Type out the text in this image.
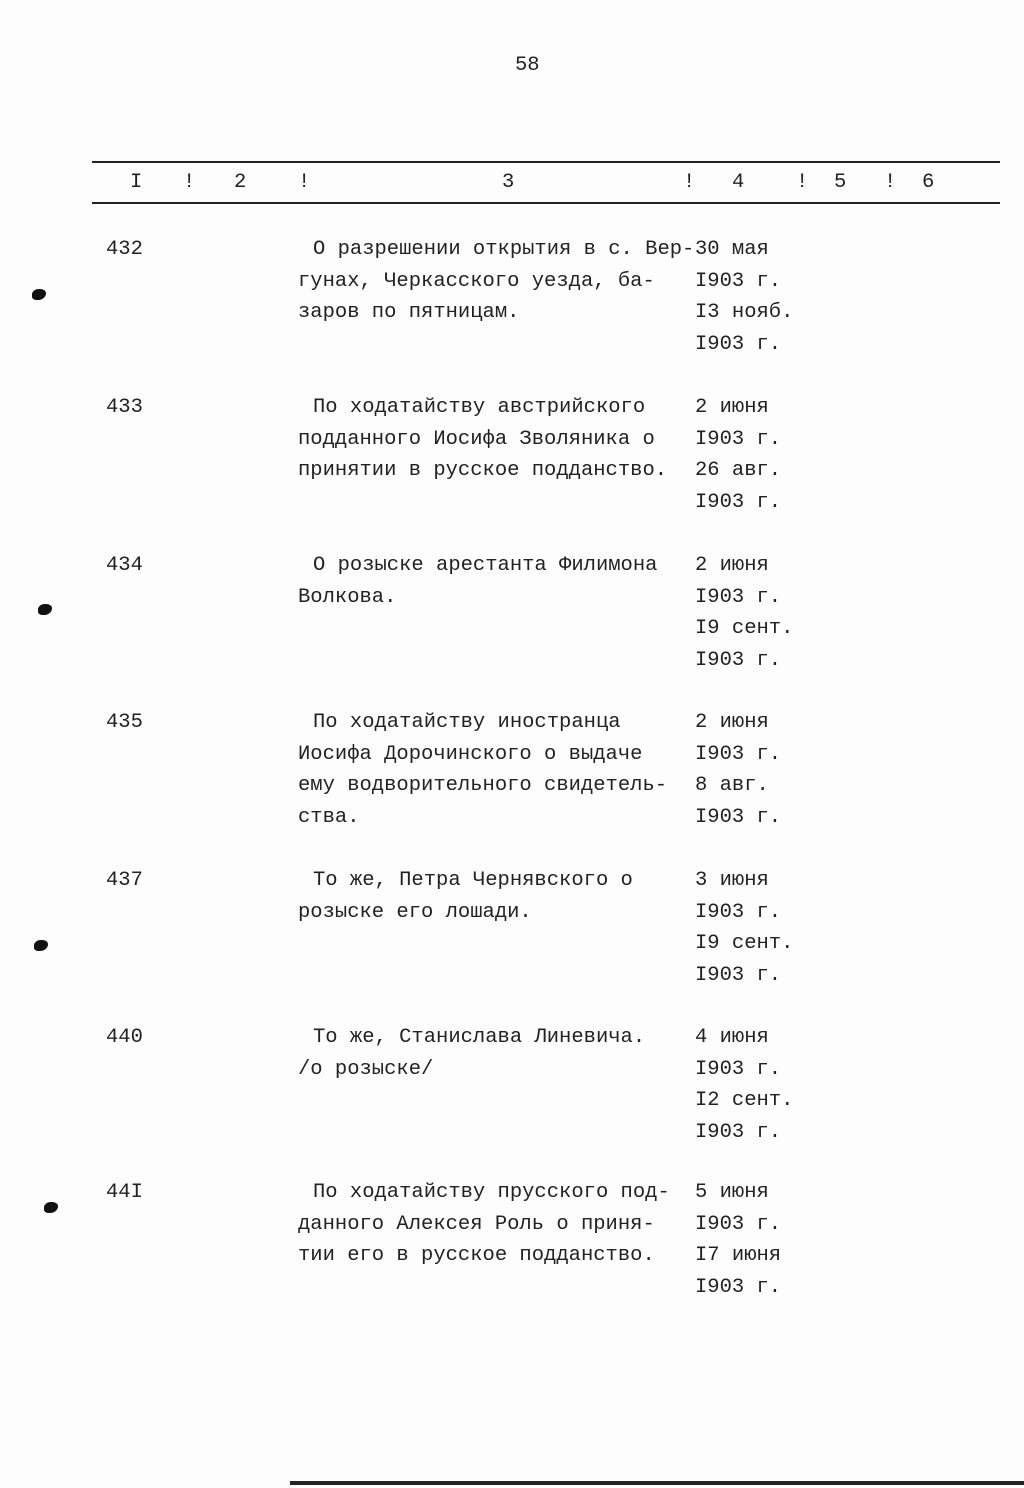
58
I ! 2	!	3	! 4	! 5 ! 6
432	О разрешении открытия в с. Вер-
гунах, Черкасского уезда, ба-
заров по пятницам.
30 мая
I903 г.
I3 нояб.
I903 г.
433	По ходатайству австрийского
подданного Иосифа Зволяника о
принятии в русское подданство.
2 июня
I903 г.
26 авг.
I903 г.
434	О розыске арестанта Филимона
Волкова.
2 июня
I903 г.
I9 сент.
I903 г.
435	По ходатайству иностранца
Иосифа Дорочинского о выдаче
ему водворительного свидетель-
ства.
2 июня
I903 г.
8 авг.
I903 г.
437	То же, Петра Чернявского о
розыске его лошади.
3 июня
I903 г.
I9 сент.
I903 г.
440	То же, Станислава Линевича.
/о розыске/
4 июня
I903 г.
I2 сент.
I903 г.
44I	По ходатайству прусского под-
данного Алексея Роль о приня-
тии его в русское подданство.
5 июня
I903 г.
I7 июня
I903 г.
